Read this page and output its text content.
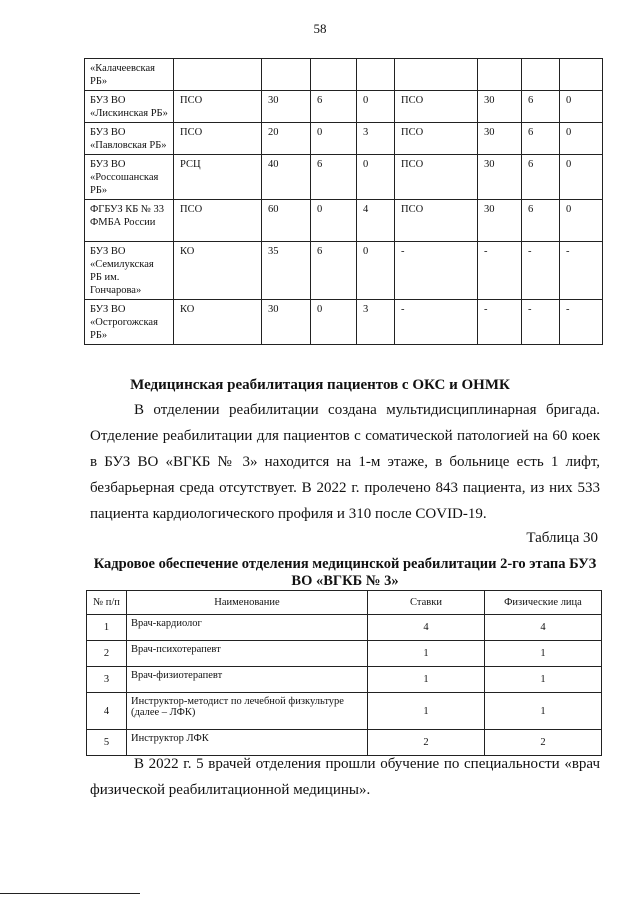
58
«Калачеевская РБ»								
БУЗ ВО «Лискинская РБ»	ПСО	30	6	0	ПСО	30	6	0
БУЗ ВО «Павловская РБ»	ПСО	20	0	3	ПСО	30	6	0
БУЗ ВО «Россошанская РБ»	РСЦ	40	6	0	ПСО	30	6	0
ФГБУЗ КБ № 33 ФМБА России	ПСО	60	0	4	ПСО	30	6	0
БУЗ ВО «Семилукская РБ им. Гончарова»	КО	35	6	0	-	-	-	-
БУЗ ВО «Острогожская РБ»	КО	30	0	3	-	-	-	-
Медицинская реабилитация пациентов с ОКС и ОНМК

В отделении реабилитации создана мультидисциплинарная бригада. Отделение реабилитации для пациентов с соматической патологией на 60 коек в БУЗ ВО «ВГКБ № 3» находится на 1-м этаже, в больнице есть 1 лифт, безбарьерная среда отсутствует. В 2022 г. пролечено 843 пациента, из них 533 пациента кардиологического профиля и 310 после COVID-19.

Таблица 30
Кадровое обеспечение отделения медицинской реабилитации 2-го этапа БУЗ ВО «ВГКБ № 3»
№ п/п	Наименование	Ставки	Физические лица
1	Врач-кардиолог	4	4
2	Врач-психотерапевт	1	1
3	Врач-физиотерапевт	1	1
4	Инструктор-методист по лечебной физкультуре (далее – ЛФК)	1	1
5	Инструктор ЛФК	2	2

В 2022 г. 5 врачей отделения прошли обучение по специальности «врач физической реабилитационной медицины».
